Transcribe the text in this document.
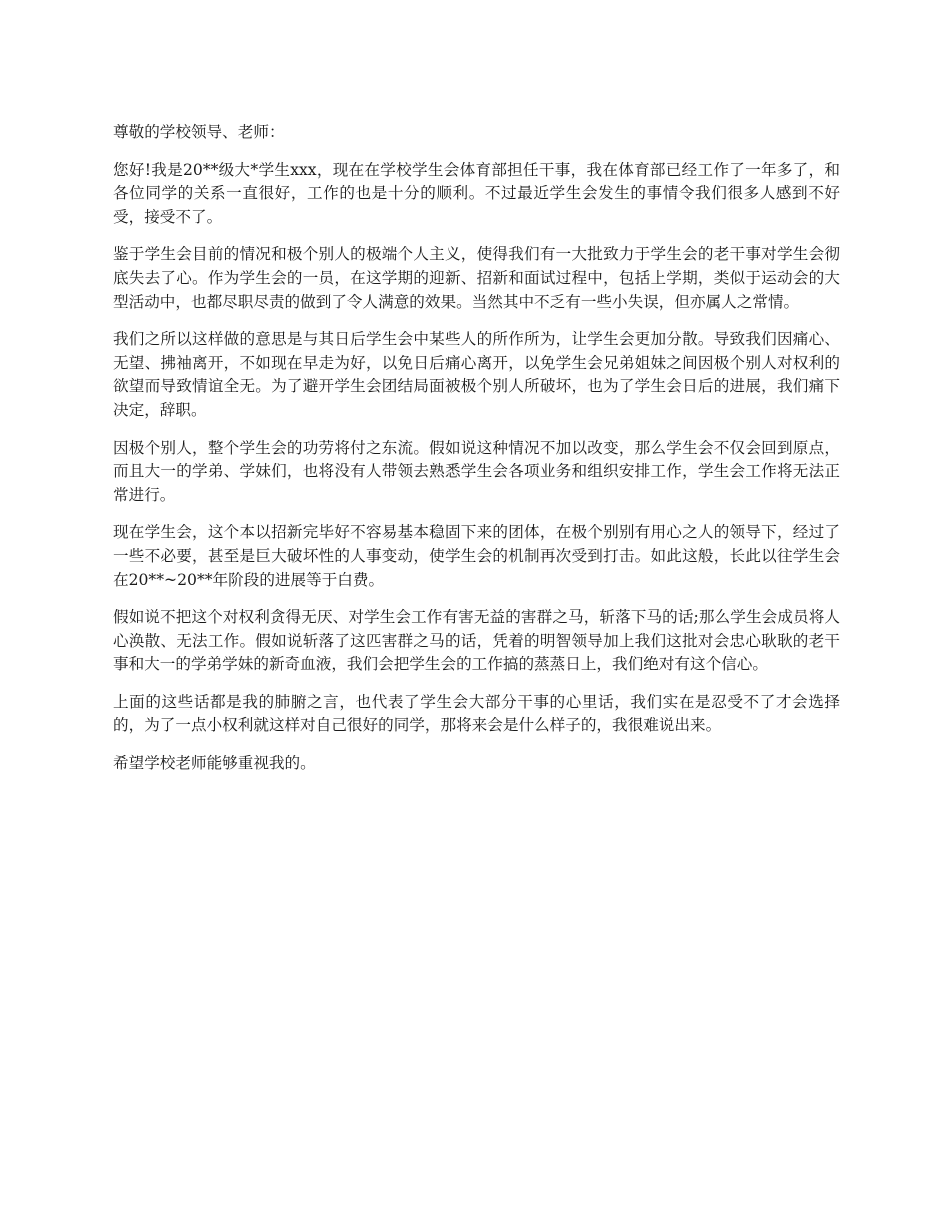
尊敬的学校领导、老师：

您好!我是20**级大*学生xxx，现在在学校学生会体育部担任干事，我在体育部已经工作了一年多了，和各位同学的关系一直很好，工作的也是十分的顺利。不过最近学生会发生的事情令我们很多人感到不好受，接受不了。

鉴于学生会目前的情况和极个别人的极端个人主义，使得我们有一大批致力于学生会的老干事对学生会彻底失去了心。作为学生会的一员，在这学期的迎新、招新和面试过程中，包括上学期，类似于运动会的大型活动中，也都尽职尽责的做到了令人满意的效果。当然其中不乏有一些小失误，但亦属人之常情。

我们之所以这样做的意思是与其日后学生会中某些人的所作所为，让学生会更加分散。导致我们因痛心、无望、拂袖离开，不如现在早走为好，以免日后痛心离开，以免学生会兄弟姐妹之间因极个别人对权利的欲望而导致情谊全无。为了避开学生会团结局面被极个别人所破坏，也为了学生会日后的进展，我们痛下决定，辞职。

因极个别人，整个学生会的功劳将付之东流。假如说这种情况不加以改变，那么学生会不仅会回到原点，而且大一的学弟、学妹们，也将没有人带领去熟悉学生会各项业务和组织安排工作，学生会工作将无法正常进行。

现在学生会，这个本以招新完毕好不容易基本稳固下来的团体，在极个别别有用心之人的领导下，经过了一些不必要，甚至是巨大破坏性的人事变动，使学生会的机制再次受到打击。如此这般，长此以往学生会在20**~20**年阶段的进展等于白费。

假如说不把这个对权利贪得无厌、对学生会工作有害无益的害群之马，斩落下马的话;那么学生会成员将人心涣散、无法工作。假如说斩落了这匹害群之马的话，凭着的明智领导加上我们这批对会忠心耿耿的老干事和大一的学弟学妹的新奇血液，我们会把学生会的工作搞的蒸蒸日上，我们绝对有这个信心。

上面的这些话都是我的肺腑之言，也代表了学生会大部分干事的心里话，我们实在是忍受不了才会选择的，为了一点小权利就这样对自己很好的同学，那将来会是什么样子的，我很难说出来。

希望学校老师能够重视我的。
